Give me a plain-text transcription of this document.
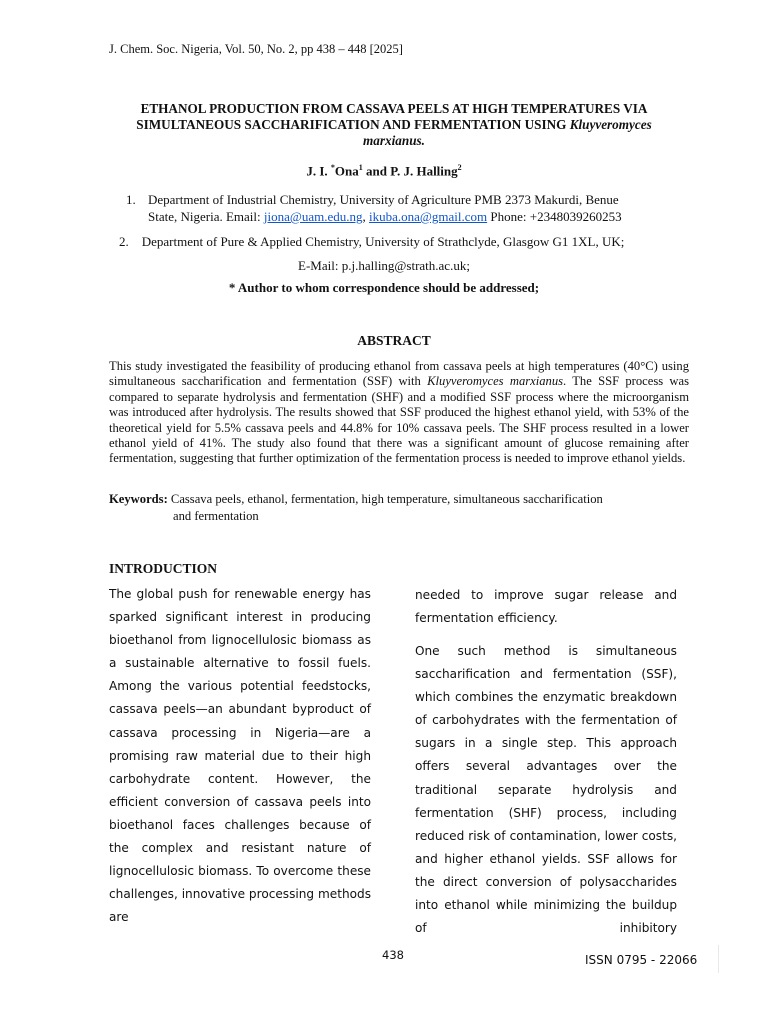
J. Chem. Soc. Nigeria, Vol. 50, No. 2, pp 438 – 448 [2025]
ETHANOL PRODUCTION FROM CASSAVA PEELS AT HIGH TEMPERATURES VIA
SIMULTANEOUS SACCHARIFICATION AND FERMENTATION USING Kluyveromyces
marxianus.
J. I. *Ona$^1$ and P. J. Halling$^2$
1. Department of Industrial Chemistry, University of Agriculture PMB 2373 Makurdi, Benue
State, Nigeria. Email: jiona@uam.edu.ng, ikuba.ona@gmail.com Phone: +2348039260253
2.    Department of Pure & Applied Chemistry, University of Strathclyde, Glasgow G1 1XL, UK;
E-Mail: p.j.halling@strath.ac.uk;
* Author to whom correspondence should be addressed;
ABSTRACT
This study investigated the feasibility of producing ethanol from cassava peels at high temperatures (40°C) using simultaneous saccharification and fermentation (SSF) with Kluyveromyces marxianus. The SSF process was compared to separate hydrolysis and fermentation (SHF) and a modified SSF process where the microorganism was introduced after hydrolysis. The results showed that SSF produced the highest ethanol yield, with 53% of the theoretical yield for 5.5% cassava peels and 44.8% for 10% cassava peels. The SHF process resulted in a lower ethanol yield of 41%. The study also found that there was a significant amount of glucose remaining after fermentation, suggesting that further optimization of the fermentation process is needed to improve ethanol yields.
Keywords: Cassava peels, ethanol, fermentation, high temperature, simultaneous saccharification
and fermentation
INTRODUCTION

The global push for renewable energy has sparked significant interest in producing bioethanol from lignocellulosic biomass as a sustainable alternative to fossil fuels. Among the various potential feedstocks, cassava peels—an abundant byproduct of cassava processing in Nigeria—are a promising raw material due to their high carbohydrate content. However, the efficient conversion of cassava peels into bioethanol faces challenges because of the complex and resistant nature of lignocellulosic biomass. To overcome these challenges, innovative processing methods are

needed to improve sugar release and fermentation efficiency.

One such method is simultaneous saccharification and fermentation (SSF), which combines the enzymatic breakdown of carbohydrates with the fermentation of sugars in a single step. This approach offers several advantages over the traditional separate hydrolysis and fermentation (SHF) process, including reduced risk of contamination, lower costs, and higher ethanol yields. SSF allows for the direct conversion of polysaccharides into ethanol while minimizing the buildup of inhibitory

438	ISSN 0795 - 22066
